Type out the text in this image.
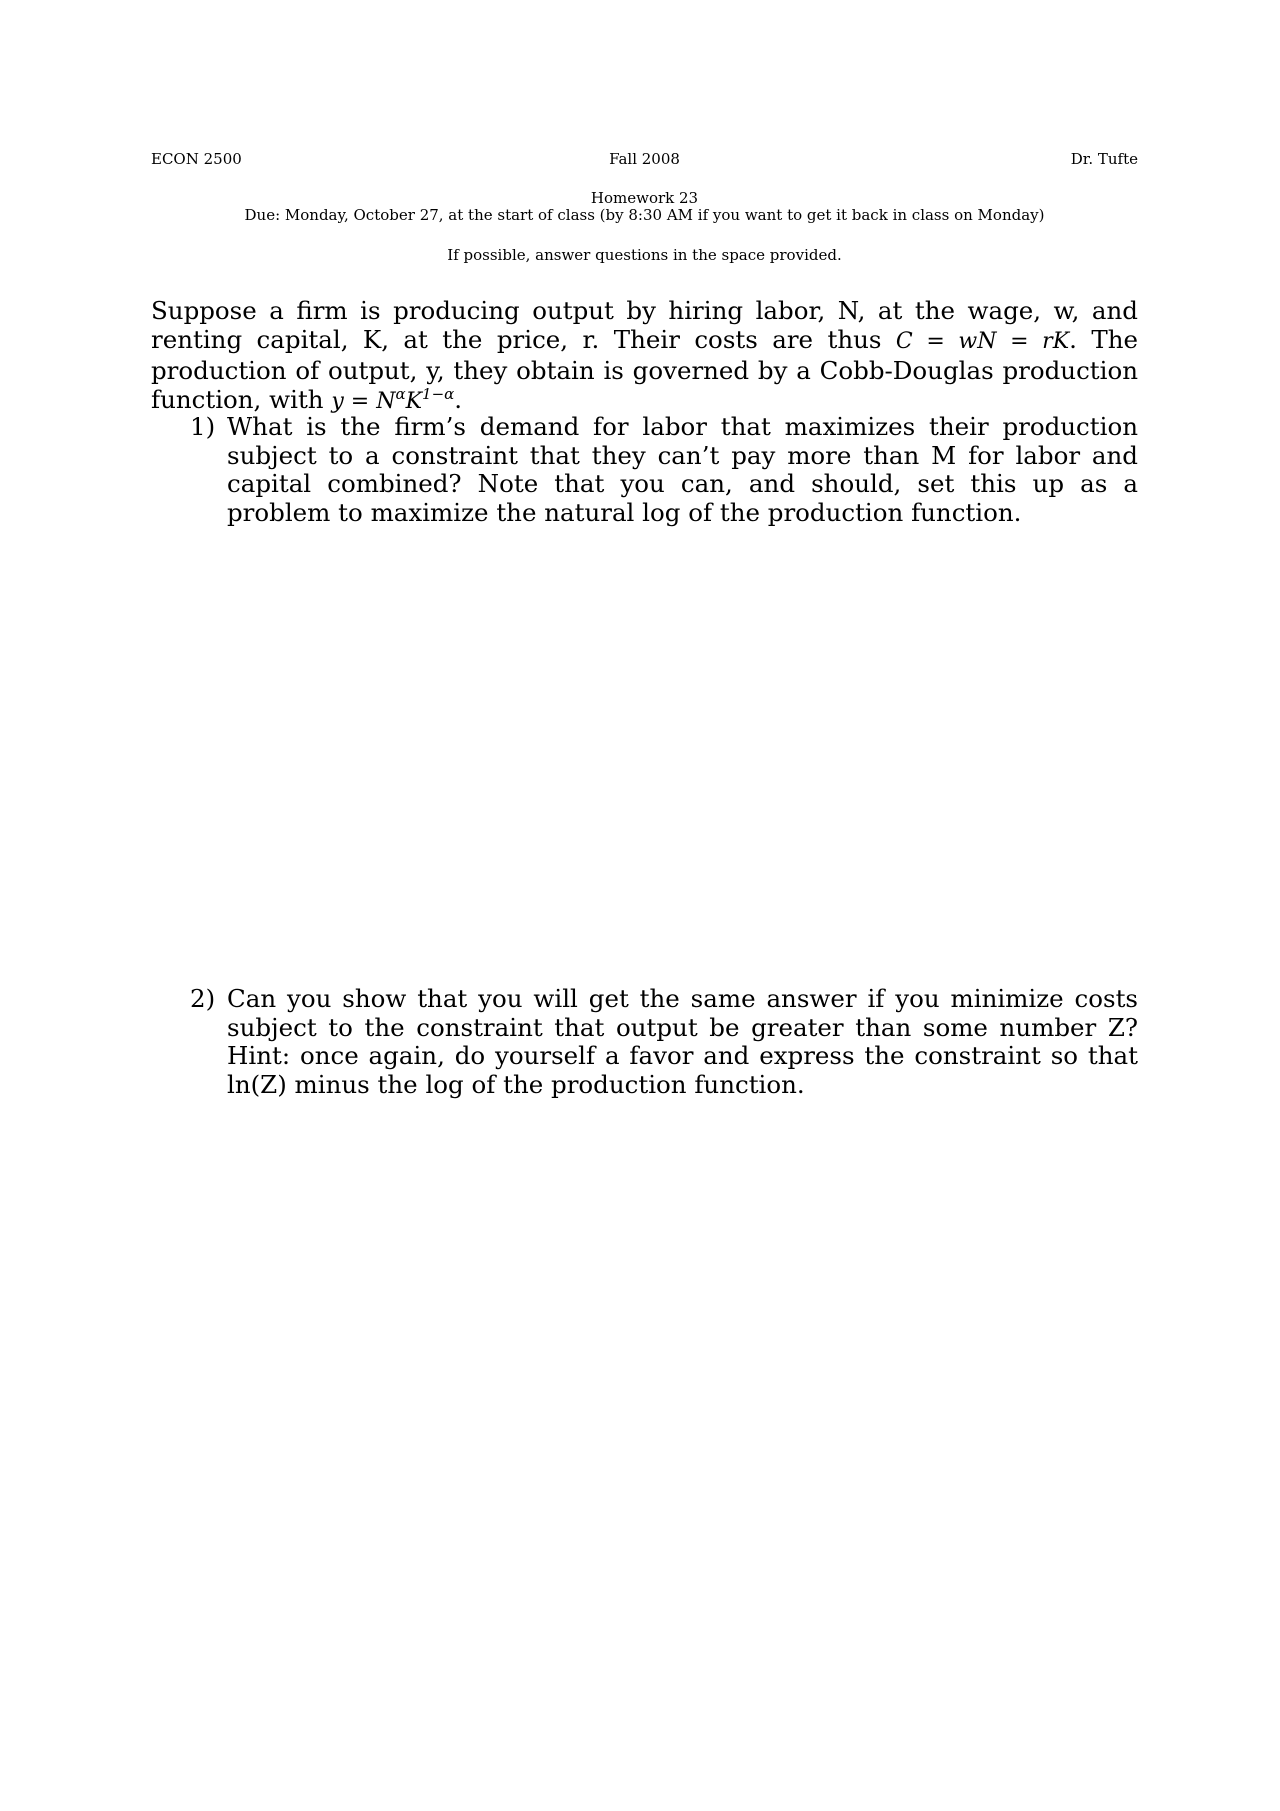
ECON 2500	Fall 2008	Dr. Tufte
Homework 23
Due: Monday, October 27, at the start of class (by 8:30 AM if you want to get it back in class on Monday)
If possible, answer questions in the space provided.
Suppose a firm is producing output by hiring labor, N, at the wage, w, and renting capital, K, at the price, r. Their costs are thus C = wN = rK. The production of output, y, they obtain is governed by a Cobb-Douglas production function, with $y = N^\alpha K^{1-\alpha}$.
1) What is the firm’s demand for labor that maximizes their production subject to a constraint that they can’t pay more than M for labor and capital combined? Note that you can, and should, set this up as a problem to maximize the natural log of the production function.
2) Can you show that you will get the same answer if you minimize costs subject to the constraint that output be greater than some number Z? Hint: once again, do yourself a favor and express the constraint so that ln(Z) minus the log of the production function.
